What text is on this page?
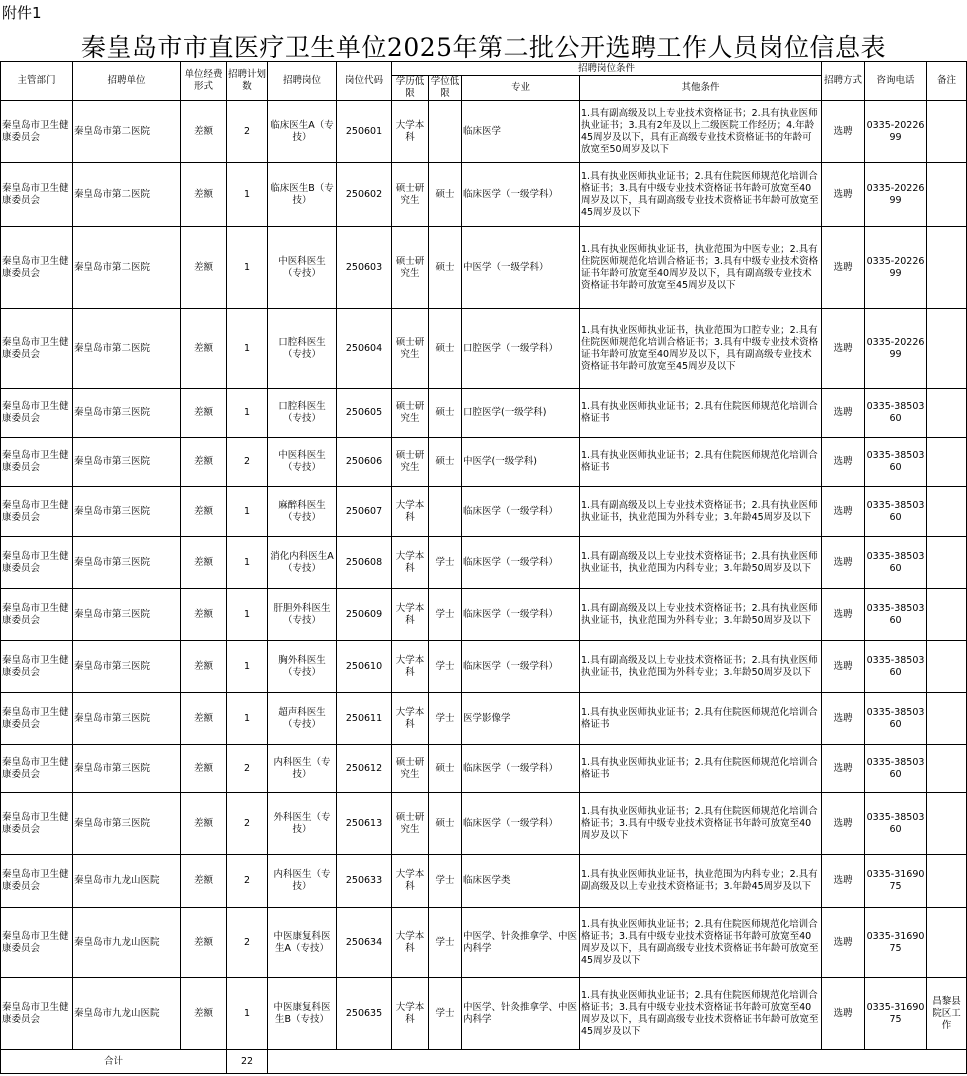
附件1
秦皇岛市市直医疗卫生单位2025年第二批公开选聘工作人员岗位信息表
主管部门	招聘单位	单位经费形式	招聘计划数	招聘岗位	岗位代码	招聘岗位条件				招聘方式	咨询电话	备注
						学历低限	学位低限	专业	其他条件			
秦皇岛市卫生健康委员会	秦皇岛市第二医院	差额	2	临床医生A（专技）	250601	大学本科		临床医学	1.具有副高级及以上专业技术资格证书；2.具有执业医师执业证书；3.具有2年及以上二级医院工作经历；4.年龄45周岁及以下，具有正高级专业技术资格证书的年龄可放宽至50周岁及以下	选聘	0335-2022699	
秦皇岛市卫生健康委员会	秦皇岛市第二医院	差额	1	临床医生B（专技）	250602	硕士研究生	硕士	临床医学（一级学科）	1.具有执业医师执业证书；2.具有住院医师规范化培训合格证书；3.具有中级专业技术资格证书年龄可放宽至40周岁及以下，具有副高级专业技术资格证书年龄可放宽至45周岁及以下	选聘	0335-2022699	
秦皇岛市卫生健康委员会	秦皇岛市第二医院	差额	1	中医科医生（专技）	250603	硕士研究生	硕士	中医学（一级学科）	1.具有执业医师执业证书，执业范围为中医专业；2.具有住院医师规范化培训合格证书；3.具有中级专业技术资格证书年龄可放宽至40周岁及以下，具有副高级专业技术资格证书年龄可放宽至45周岁及以下	选聘	0335-2022699	
秦皇岛市卫生健康委员会	秦皇岛市第二医院	差额	1	口腔科医生（专技）	250604	硕士研究生	硕士	口腔医学（一级学科）	1.具有执业医师执业证书，执业范围为口腔专业；2.具有住院医师规范化培训合格证书；3.具有中级专业技术资格证书年龄可放宽至40周岁及以下，具有副高级专业技术资格证书年龄可放宽至45周岁及以下	选聘	0335-2022699	
秦皇岛市卫生健康委员会	秦皇岛市第三医院	差额	1	口腔科医生（专技）	250605	硕士研究生	硕士	口腔医学(一级学科)	1.具有执业医师执业证书；2.具有住院医师规范化培训合格证书	选聘	0335-3850360	
秦皇岛市卫生健康委员会	秦皇岛市第三医院	差额	2	中医科医生（专技）	250606	硕士研究生	硕士	中医学(一级学科)	1.具有执业医师执业证书；2.具有住院医师规范化培训合格证书	选聘	0335-3850360	
秦皇岛市卫生健康委员会	秦皇岛市第三医院	差额	1	麻醉科医生（专技）	250607	大学本科		临床医学（一级学科）	1.具有副高级及以上专业技术资格证书；2.具有执业医师执业证书，执业范围为外科专业；3.年龄45周岁及以下	选聘	0335-3850360	
秦皇岛市卫生健康委员会	秦皇岛市第三医院	差额	1	消化内科医生A（专技）	250608	大学本科	学士	临床医学（一级学科）	1.具有副高级及以上专业技术资格证书；2.具有执业医师执业证书，执业范围为内科专业；3.年龄50周岁及以下	选聘	0335-3850360	
秦皇岛市卫生健康委员会	秦皇岛市第三医院	差额	1	肝胆外科医生（专技）	250609	大学本科	学士	临床医学（一级学科）	1.具有副高级及以上专业技术资格证书；2.具有执业医师执业证书，执业范围为外科专业；3.年龄50周岁及以下	选聘	0335-3850360	
秦皇岛市卫生健康委员会	秦皇岛市第三医院	差额	1	胸外科医生（专技）	250610	大学本科	学士	临床医学（一级学科）	1.具有副高级及以上专业技术资格证书；2.具有执业医师执业证书，执业范围为外科专业；3.年龄50周岁及以下	选聘	0335-3850360	
秦皇岛市卫生健康委员会	秦皇岛市第三医院	差额	1	超声科医生（专技）	250611	大学本科	学士	医学影像学	1.具有执业医师执业证书；2.具有住院医师规范化培训合格证书	选聘	0335-3850360	
秦皇岛市卫生健康委员会	秦皇岛市第三医院	差额	2	内科医生（专技）	250612	硕士研究生	硕士	临床医学（一级学科）	1.具有执业医师执业证书；2.具有住院医师规范化培训合格证书	选聘	0335-3850360	
秦皇岛市卫生健康委员会	秦皇岛市第三医院	差额	2	外科医生（专技）	250613	硕士研究生	硕士	临床医学（一级学科）	1.具有执业医师执业证书；2.具有住院医师规范化培训合格证书；3.具有中级专业技术资格证书年龄可放宽至40周岁及以下	选聘	0335-3850360	
秦皇岛市卫生健康委员会	秦皇岛市九龙山医院	差额	2	内科医生（专技）	250633	大学本科	学士	临床医学类	1.具有执业医师执业证书，执业范围为内科专业；2.具有副高级及以上专业技术资格证书；3.年龄45周岁及以下	选聘	0335-3169075	
秦皇岛市卫生健康委员会	秦皇岛市九龙山医院	差额	2	中医康复科医生A（专技）	250634	大学本科	学士	中医学、针灸推拿学、中医内科学	1.具有执业医师执业证书；2.具有住院医师规范化培训合格证书；3.具有中级专业技术资格证书年龄可放宽至40周岁及以下，具有副高级专业技术资格证书年龄可放宽至45周岁及以下	选聘	0335-3169075	
秦皇岛市卫生健康委员会	秦皇岛市九龙山医院	差额	1	中医康复科医生B（专技）	250635	大学本科	学士	中医学、针灸推拿学、中医内科学	1.具有执业医师执业证书；2.具有住院医师规范化培训合格证书；3.具有中级专业技术资格证书年龄可放宽至40周岁及以下，具有副高级专业技术资格证书年龄可放宽至45周岁及以下	选聘	0335-3169075	昌黎县院区工作
合计			22									
